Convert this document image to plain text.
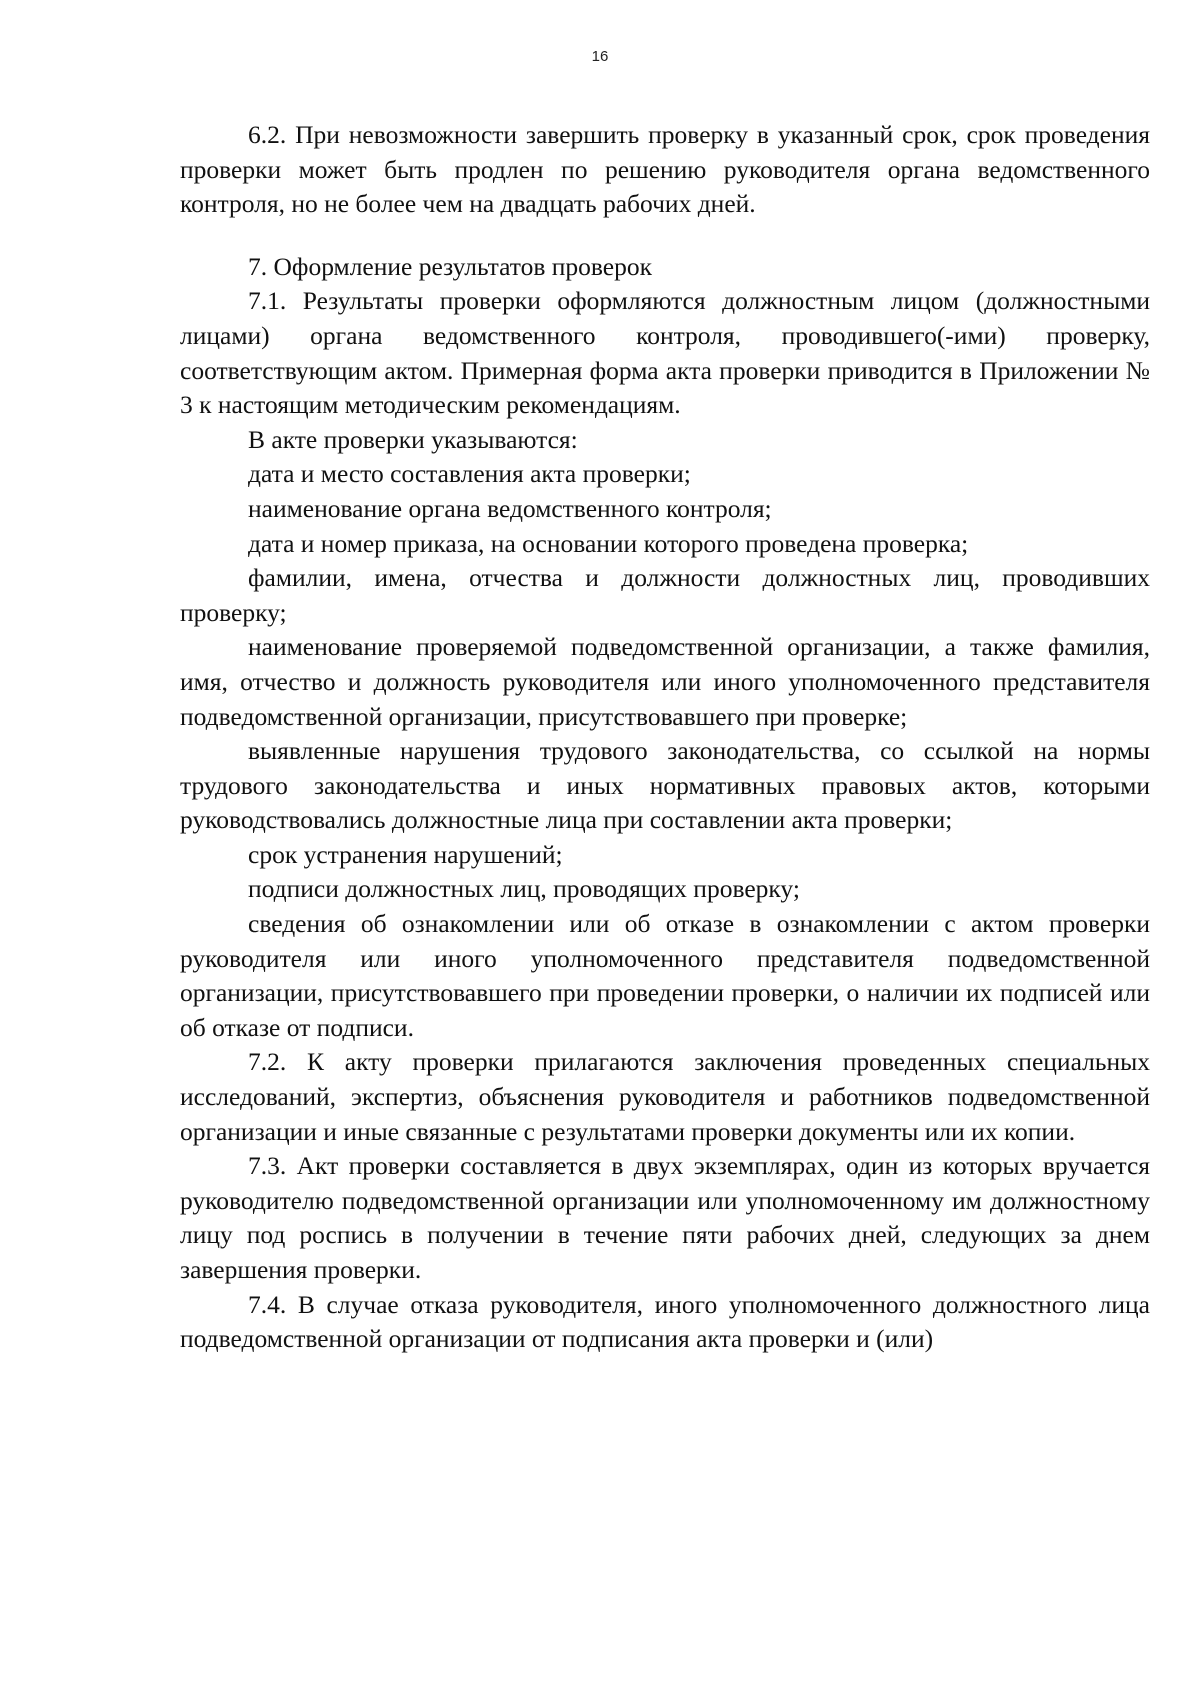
16

6.2. При невозможности завершить проверку в указанный срок, срок проведения проверки может быть продлен по решению руководителя органа ведомственного контроля, но не более чем на двадцать рабочих дней.

7. Оформление результатов проверок

7.1. Результаты проверки оформляются должностным лицом (должностными лицами) органа ведомственного контроля, проводившего(-ими) проверку, соответствующим актом. Примерная форма акта проверки приводится в Приложении № 3 к настоящим методическим рекомендациям.

В акте проверки указываются:

дата и место составления акта проверки;

наименование органа ведомственного контроля;

дата и номер приказа, на основании которого проведена проверка;

фамилии, имена, отчества и должности должностных лиц, проводивших проверку;

наименование проверяемой подведомственной организации, а также фамилия, имя, отчество и должность руководителя или иного уполномоченного представителя подведомственной организации, присутствовавшего при проверке;

выявленные нарушения трудового законодательства, со ссылкой на нормы трудового законодательства и иных нормативных правовых актов, которыми руководствовались должностные лица при составлении акта проверки;

срок устранения нарушений;

подписи должностных лиц, проводящих проверку;

сведения об ознакомлении или об отказе в ознакомлении с актом проверки руководителя или иного уполномоченного представителя подведомственной организации, присутствовавшего при проведении проверки, о наличии их подписей или об отказе от подписи.

7.2. К акту проверки прилагаются заключения проведенных специальных исследований, экспертиз, объяснения руководителя и работников подведомственной организации и иные связанные с результатами проверки документы или их копии.

7.3. Акт проверки составляется в двух экземплярах, один из которых вручается руководителю подведомственной организации или уполномоченному им должностному лицу под роспись в получении в течение пяти рабочих дней, следующих за днем завершения проверки.

7.4. В случае отказа руководителя, иного уполномоченного должностного лица подведомственной организации от подписания акта проверки и (или)
